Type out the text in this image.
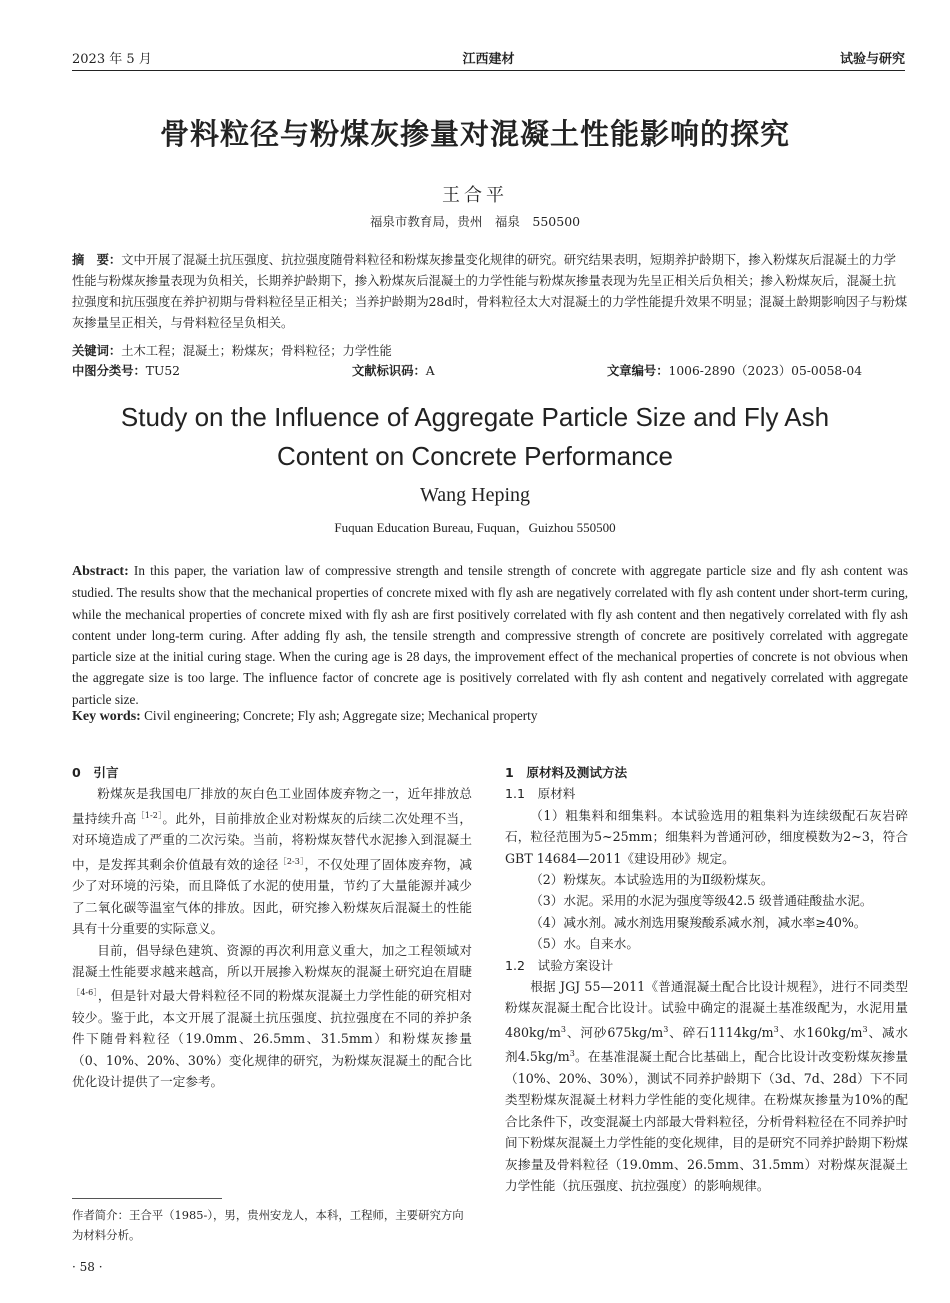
2023 年 5 月	江西建材	试验与研究
骨料粒径与粉煤灰掺量对混凝土性能影响的探究
王合平
福泉市教育局，贵州　福泉　550500
摘　要：文中开展了混凝土抗压强度、抗拉强度随骨料粒径和粉煤灰掺量变化规律的研究。研究结果表明，短期养护龄期下，掺入粉煤灰后混凝土的力学性能与粉煤灰掺量表现为负相关，长期养护龄期下，掺入粉煤灰后混凝土的力学性能与粉煤灰掺量表现为先呈正相关后负相关；掺入粉煤灰后，混凝土抗拉强度和抗压强度在养护初期与骨料粒径呈正相关；当养护龄期为28d时，骨料粒径太大对混凝土的力学性能提升效果不明显；混凝土龄期影响因子与粉煤灰掺量呈正相关，与骨料粒径呈负相关。
关键词：土木工程；混凝土；粉煤灰；骨料粒径；力学性能
中图分类号：TU52	文献标识码：A	文章编号：1006-2890（2023）05-0058-04
Study on the Influence of Aggregate Particle Size and Fly Ash
Content on Concrete Performance
Wang Heping
Fuquan Education Bureau, Fuquan，Guizhou 550500
Abstract: In this paper, the variation law of compressive strength and tensile strength of concrete with aggregate particle size and fly ash content was studied. The results show that the mechanical properties of concrete mixed with fly ash are negatively correlated with fly ash content under short-term curing, while the mechanical properties of concrete mixed with fly ash are first positively correlated with fly ash content and then negatively correlated with fly ash content under long-term curing. After adding fly ash, the tensile strength and compressive strength of concrete are positively correlated with aggregate particle size at the initial curing stage. When the curing age is 28 days, the improvement effect of the mechanical properties of concrete is not obvious when the aggregate size is too large. The influence factor of concrete age is positively correlated with fly ash content and negatively correlated with aggregate particle size.
Key words: Civil engineering; Concrete; Fly ash; Aggregate size; Mechanical property

0　引言

粉煤灰是我国电厂排放的灰白色工业固体废弃物之一，近年排放总量持续升高$^{[1-2]}$。此外，目前排放企业对粉煤灰的后续二次处理不当，对环境造成了严重的二次污染。当前，将粉煤灰替代水泥掺入到混凝土中，是发挥其剩余价值最有效的途径$^{[2-3]}$，不仅处理了固体废弃物，减少了对环境的污染，而且降低了水泥的使用量，节约了大量能源并减少了二氧化碳等温室气体的排放。因此，研究掺入粉煤灰后混凝土的性能具有十分重要的实际意义。

目前，倡导绿色建筑、资源的再次利用意义重大，加之工程领域对混凝土性能要求越来越高，所以开展掺入粉煤灰的混凝土研究迫在眉睫$^{[4-6]}$，但是针对最大骨料粒径不同的粉煤灰混凝土力学性能的研究相对较少。鉴于此，本文开展了混凝土抗压强度、抗拉强度在不同的养护条件下随骨料粒径（19.0mm、26.5mm、31.5mm）和粉煤灰掺量（0、10%、20%、30%）变化规律的研究，为粉煤灰混凝土的配合比优化设计提供了一定参考。

1　原材料及测试方法

1.1　原材料

（1）粗集料和细集料。本试验选用的粗集料为连续级配石灰岩碎石，粒径范围为5~25mm；细集料为普通河砂，细度模数为2~3，符合 GBT 14684—2011《建设用砂》规定。

（2）粉煤灰。本试验选用的为Ⅱ级粉煤灰。

（3）水泥。采用的水泥为强度等级42.5 级普通硅酸盐水泥。

（4）减水剂。减水剂选用聚羧酸系减水剂，减水率≥40%。

（5）水。自来水。

1.2　试验方案设计

根据 JGJ 55—2011《普通混凝土配合比设计规程》，进行不同类型粉煤灰混凝土配合比设计。试验中确定的混凝土基准级配为，水泥用量$480kg/m^3$、河砂$675kg/m^3$、碎石$1114kg/m^3$、水$160kg/m^3$、减水剂$4.5kg/m^3$。在基准混凝土配合比基础上，配合比设计改变粉煤灰掺量（10%、20%、30%），测试不同养护龄期下（3d、7d、28d）下不同类型粉煤灰混凝土材料力学性能的变化规律。在粉煤灰掺量为10%的配合比条件下，改变混凝土内部最大骨料粒径，分析骨料粒径在不同养护时间下粉煤灰混凝土力学性能的变化规律，目的是研究不同养护龄期下粉煤灰掺量及骨料粒径（19.0mm、26.5mm、31.5mm）对粉煤灰混凝土力学性能（抗压强度、抗拉强度）的影响规律。

作者简介：王合平（1985-），男，贵州安龙人，本科，工程师，主要研究方向为材料分析。
· 58 ·
